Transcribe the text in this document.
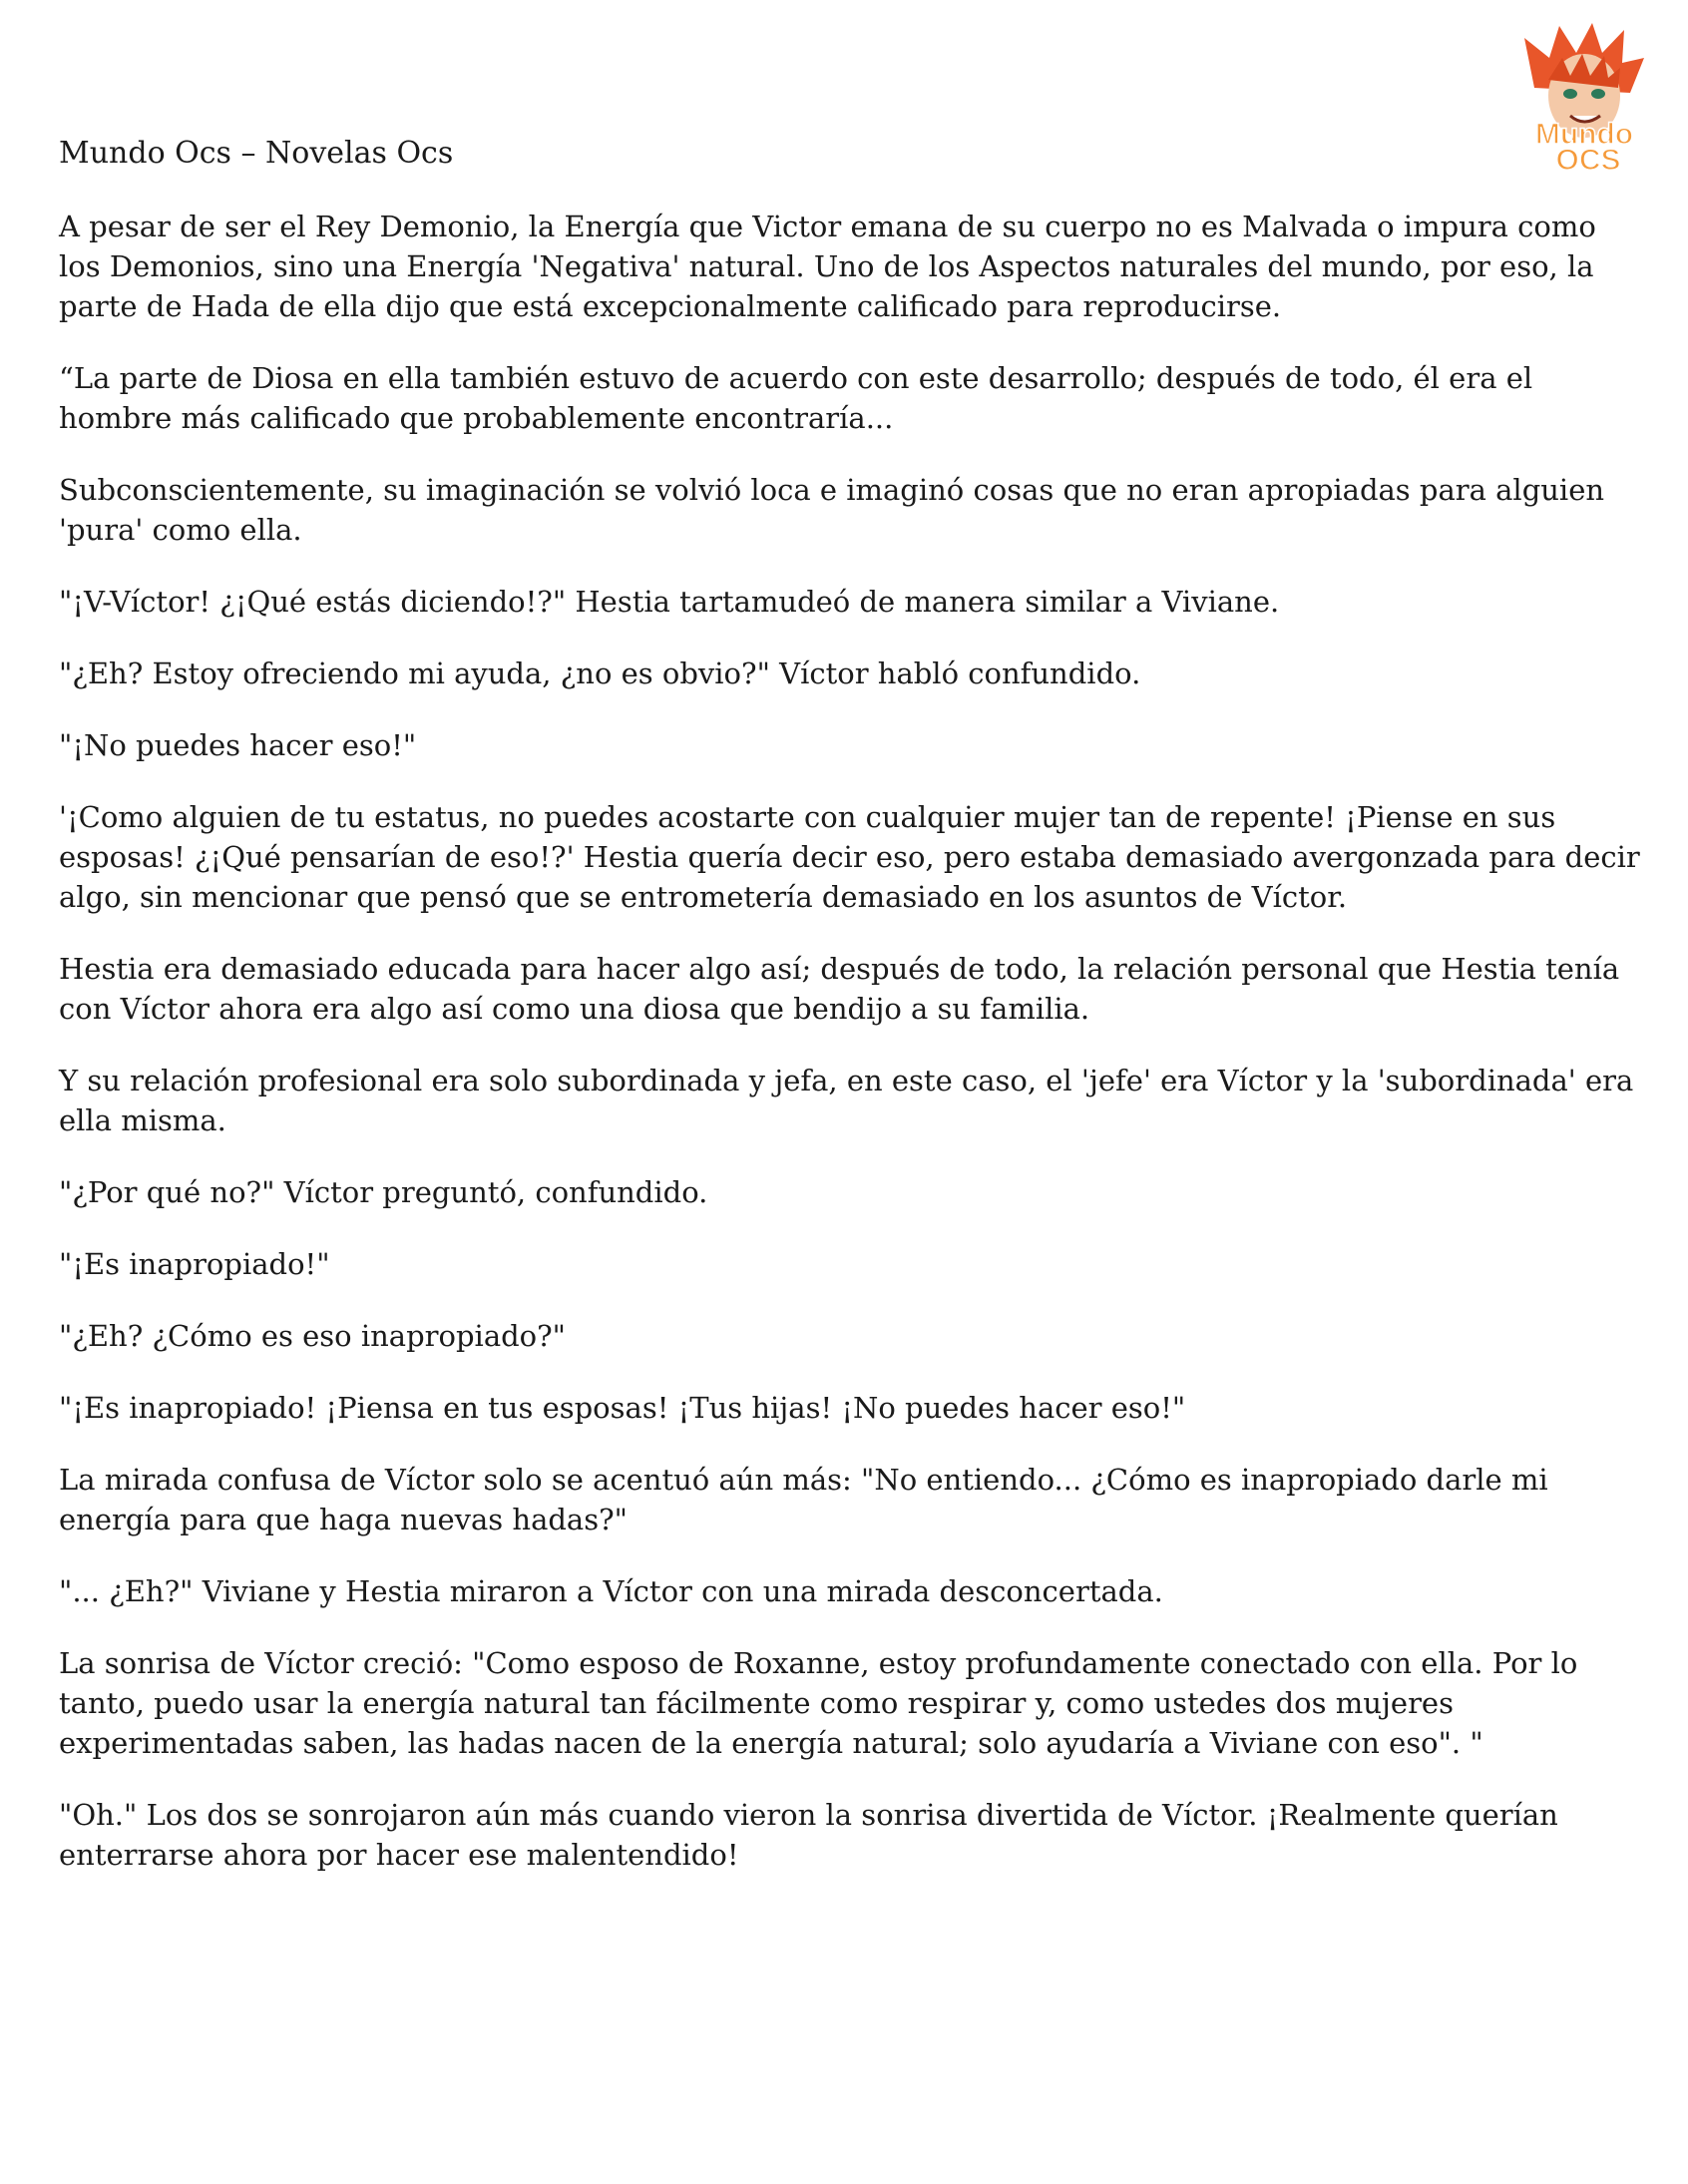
Mundo Ocs – Novelas Ocs
Mundo
OCS

A pesar de ser el Rey Demonio, la Energía que Victor emana de su cuerpo no es Malvada o impura como los Demonios, sino una Energía 'Negativa' natural. Uno de los Aspectos naturales del mundo, por eso, la parte de Hada de ella dijo que está excepcionalmente calificado para reproducirse.

“La parte de Diosa en ella también estuvo de acuerdo con este desarrollo; después de todo, él era el hombre más calificado que probablemente encontraría...

Subconscientemente, su imaginación se volvió loca e imaginó cosas que no eran apropiadas para alguien 'pura' como ella.

"¡V-Víctor! ¿¡Qué estás diciendo!?" Hestia tartamudeó de manera similar a Viviane.

"¿Eh? Estoy ofreciendo mi ayuda, ¿no es obvio?" Víctor habló confundido.

"¡No puedes hacer eso!"

'¡Como alguien de tu estatus, no puedes acostarte con cualquier mujer tan de repente! ¡Piense en sus esposas! ¿¡Qué pensarían de eso!?' Hestia quería decir eso, pero estaba demasiado avergonzada para decir algo, sin mencionar que pensó que se entrometería demasiado en los asuntos de Víctor.

Hestia era demasiado educada para hacer algo así; después de todo, la relación personal que Hestia tenía con Víctor ahora era algo así como una diosa que bendijo a su familia.

Y su relación profesional era solo subordinada y jefa, en este caso, el 'jefe' era Víctor y la 'subordinada' era ella misma.

"¿Por qué no?" Víctor preguntó, confundido.

"¡Es inapropiado!"

"¿Eh? ¿Cómo es eso inapropiado?"

"¡Es inapropiado! ¡Piensa en tus esposas! ¡Tus hijas! ¡No puedes hacer eso!"

La mirada confusa de Víctor solo se acentuó aún más: "No entiendo... ¿Cómo es inapropiado darle mi energía para que haga nuevas hadas?"

"... ¿Eh?" Viviane y Hestia miraron a Víctor con una mirada desconcertada.

La sonrisa de Víctor creció: "Como esposo de Roxanne, estoy profundamente conectado con ella. Por lo tanto, puedo usar la energía natural tan fácilmente como respirar y, como ustedes dos mujeres experimentadas saben, las hadas nacen de la energía natural; solo ayudaría a Viviane con eso". "

"Oh." Los dos se sonrojaron aún más cuando vieron la sonrisa divertida de Víctor. ¡Realmente querían enterrarse ahora por hacer ese malentendido!
